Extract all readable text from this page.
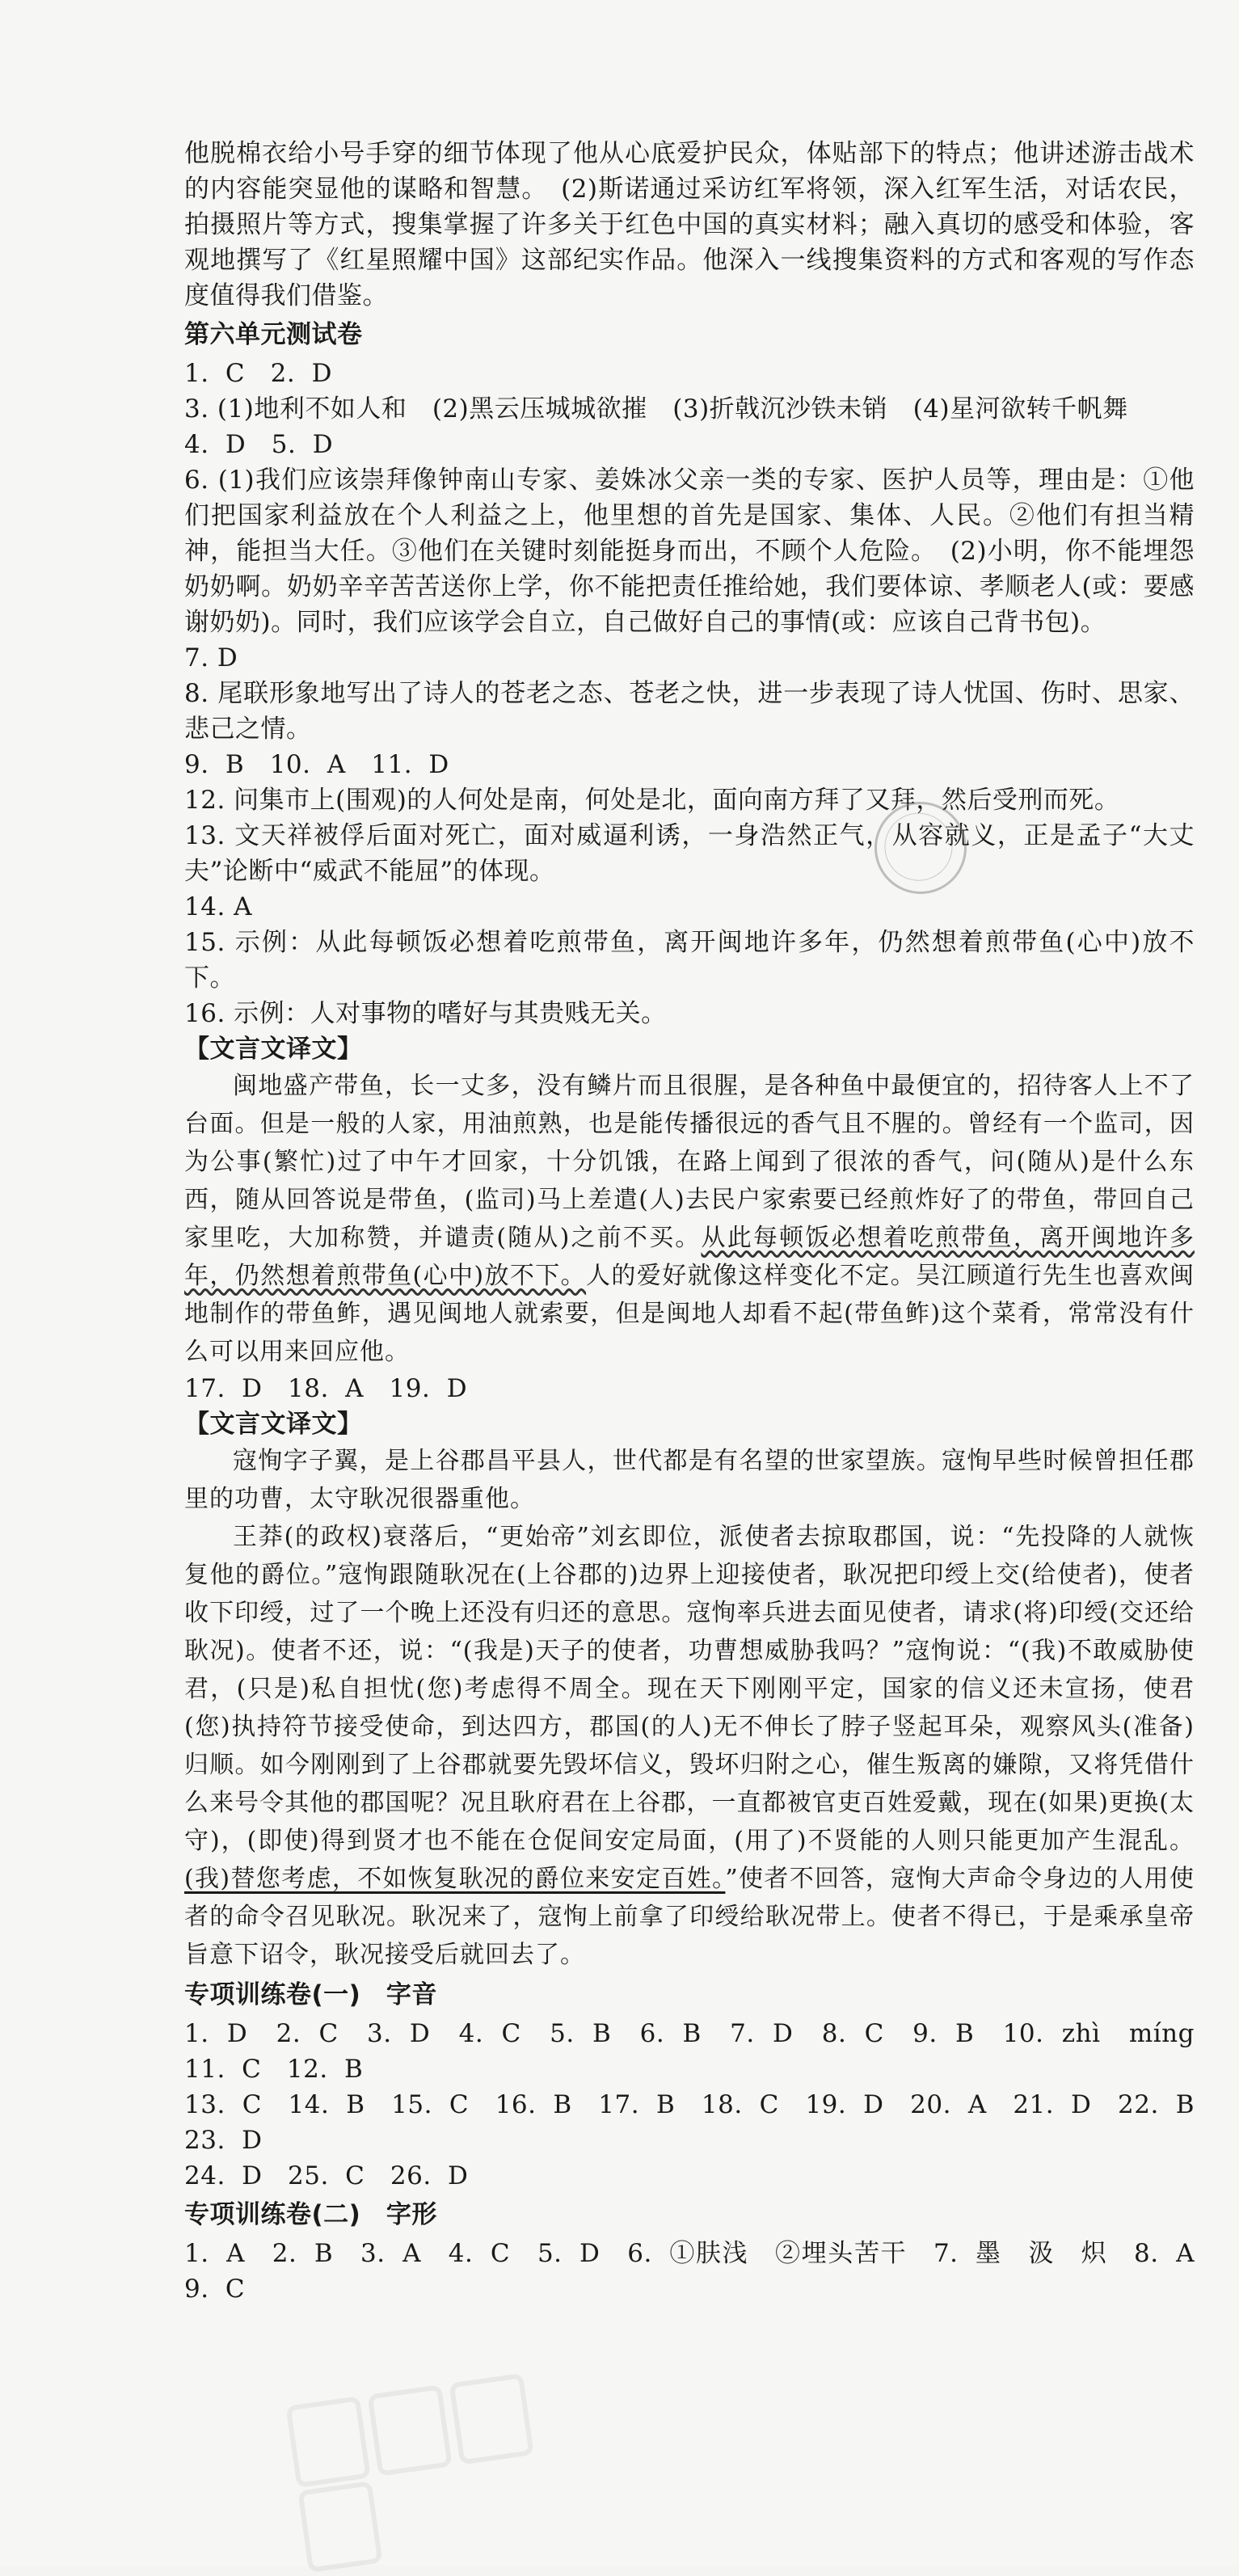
他脱棉衣给小号手穿的细节体现了他从心底爱护民众，体贴部下的特点；他讲述游击战术的内容能突显他的谋略和智慧。　(2)斯诺通过采访红军将领，深入红军生活，对话农民，拍摄照片等方式，搜集掌握了许多关于红色中国的真实材料；融入真切的感受和体验，客观地撰写了《红星照耀中国》这部纪实作品。他深入一线搜集资料的方式和客观的写作态度值得我们借鉴。

第六单元测试卷

1. C　2. D

3. (1)地利不如人和　(2)黑云压城城欲摧　(3)折戟沉沙铁未销　(4)星河欲转千帆舞

4. D　5. D

6. (1)我们应该崇拜像钟南山专家、姜姝冰父亲一类的专家、医护人员等，理由是：①他们把国家利益放在个人利益之上，他里想的首先是国家、集体、人民。②他们有担当精神，能担当大任。③他们在关键时刻能挺身而出，不顾个人危险。　(2)小明，你不能埋怨奶奶啊。奶奶辛辛苦苦送你上学，你不能把责任推给她，我们要体谅、孝顺老人(或：要感谢奶奶)。同时，我们应该学会自立，自己做好自己的事情(或：应该自己背书包)。

7. D

8. 尾联形象地写出了诗人的苍老之态、苍老之快，进一步表现了诗人忧国、伤时、思家、悲己之情。

9. B　10. A　11. D

12. 问集市上(围观)的人何处是南，何处是北，面向南方拜了又拜，然后受刑而死。

13. 文天祥被俘后面对死亡，面对威逼利诱，一身浩然正气，从容就义，正是孟子“大丈夫”论断中“威武不能屈”的体现。

14. A

15. 示例：从此每顿饭必想着吃煎带鱼，离开闽地许多年，仍然想着煎带鱼(心中)放不下。

16. 示例：人对事物的嗜好与其贵贱无关。

【文言文译文】

闽地盛产带鱼，长一丈多，没有鳞片而且很腥，是各种鱼中最便宜的，招待客人上不了台面。但是一般的人家，用油煎熟，也是能传播很远的香气且不腥的。曾经有一个监司，因为公事(繁忙)过了中午才回家，十分饥饿，在路上闻到了很浓的香气，问(随从)是什么东西，随从回答说是带鱼，(监司)马上差遣(人)去民户家索要已经煎炸好了的带鱼，带回自己家里吃，大加称赞，并谴责(随从)之前不买。从此每顿饭必想着吃煎带鱼，离开闽地许多年，仍然想着煎带鱼(心中)放不下。人的爱好就像这样变化不定。吴江顾道行先生也喜欢闽地制作的带鱼鲊，遇见闽地人就索要，但是闽地人却看不起(带鱼鲊)这个菜肴，常常没有什么可以用来回应他。

17. D　18. A　19. D

【文言文译文】

寇恂字子翼，是上谷郡昌平县人，世代都是有名望的世家望族。寇恂早些时候曾担任郡里的功曹，太守耿况很器重他。

王莽(的政权)衰落后，“更始帝”刘玄即位，派使者去掠取郡国，说：“先投降的人就恢复他的爵位。”寇恂跟随耿况在(上谷郡的)边界上迎接使者，耿况把印绶上交(给使者)，使者收下印绶，过了一个晚上还没有归还的意思。寇恂率兵进去面见使者，请求(将)印绶(交还给耿况)。使者不还，说：“(我是)天子的使者，功曹想威胁我吗？”寇恂说：“(我)不敢威胁使君，(只是)私自担忧(您)考虑得不周全。现在天下刚刚平定，国家的信义还未宣扬，使君(您)执持符节接受使命，到达四方，郡国(的人)无不伸长了脖子竖起耳朵，观察风头(准备)归顺。如今刚刚到了上谷郡就要先毁坏信义，毁坏归附之心，催生叛离的嫌隙，又将凭借什么来号令其他的郡国呢？况且耿府君在上谷郡，一直都被官吏百姓爱戴，现在(如果)更换(太守)，(即使)得到贤才也不能在仓促间安定局面，(用了)不贤能的人则只能更加产生混乱。(我)替您考虑，不如恢复耿况的爵位来安定百姓。”使者不回答，寇恂大声命令身边的人用使者的命令召见耿况。耿况来了，寇恂上前拿了印绶给耿况带上。使者不得已，于是乘承皇帝旨意下诏令，耿况接受后就回去了。

专项训练卷(一)　字音

1. D　2. C　3. D　4. C　5. B　6. B　7. D　8. C　9. B　10. zhì　míng　11. C　12. B

13. C　14. B　15. C　16. B　17. B　18. C　19. D　20. A　21. D　22. B　23. D

24. D　25. C　26. D

专项训练卷(二)　字形

1. A　2. B　3. A　4. C　5. D　6. ①肤浅　②埋头苦干　7. 墨　汲　炽　8. A　9. C
